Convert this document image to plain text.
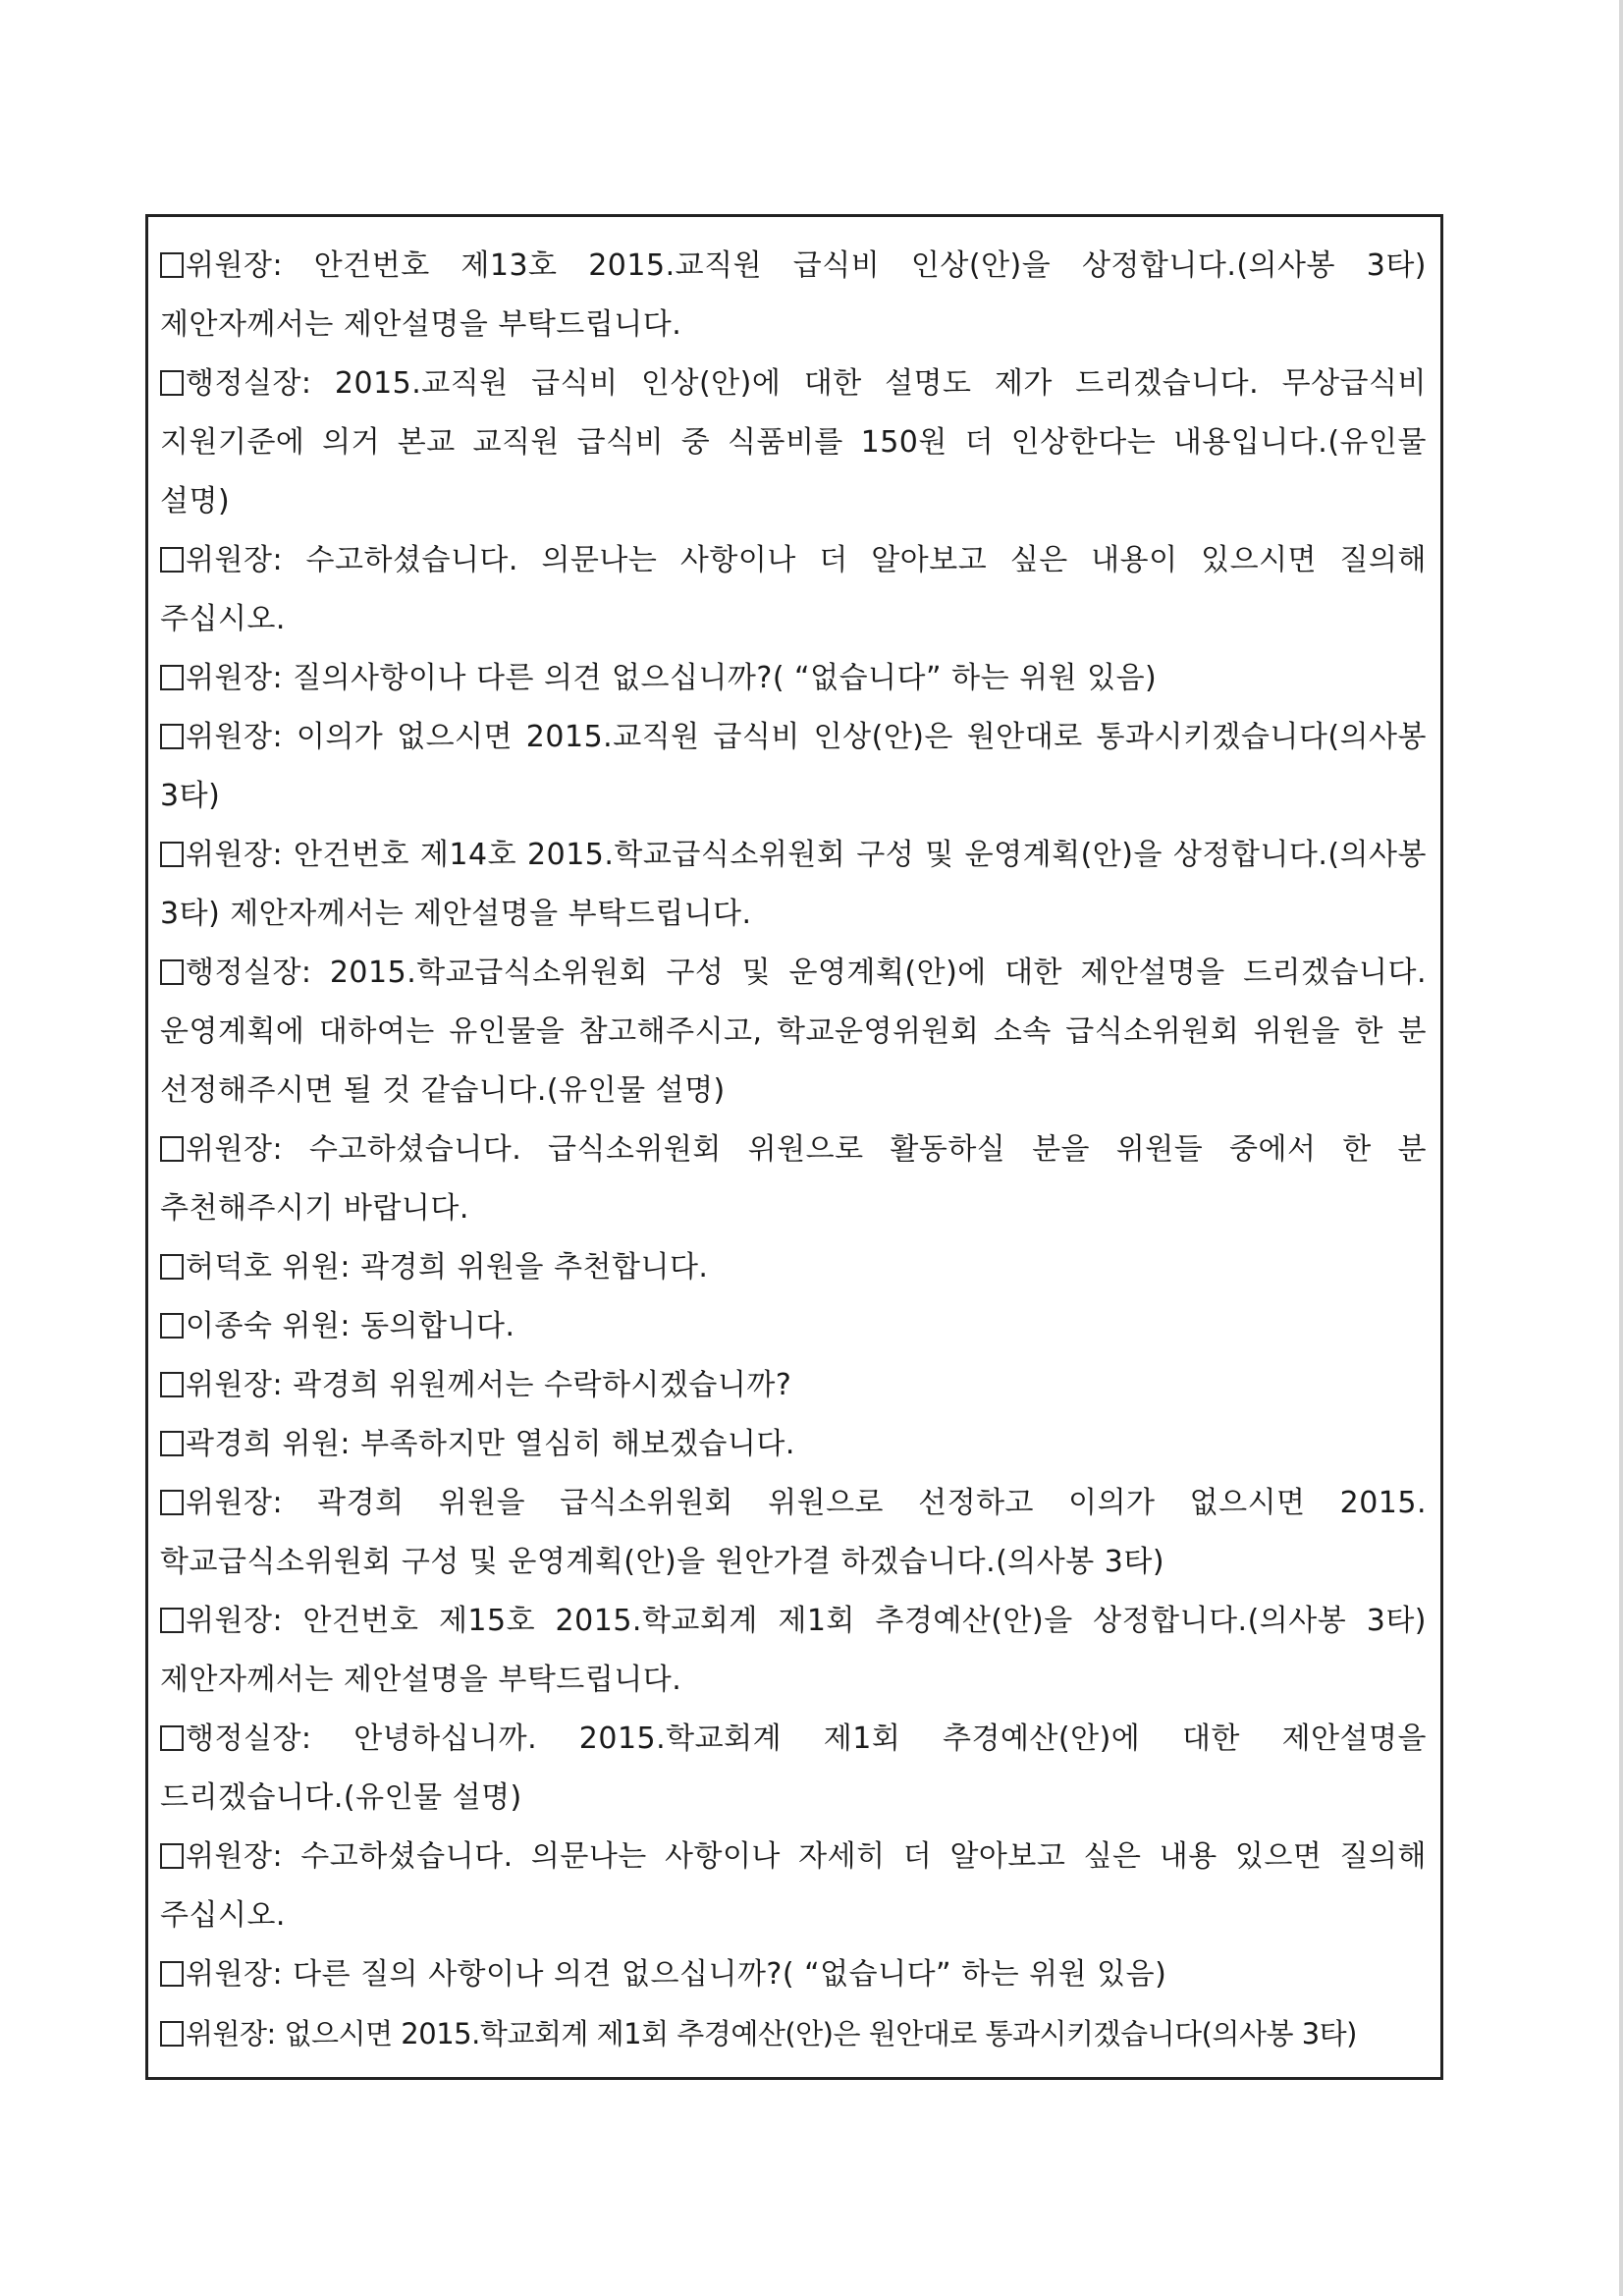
위원장: 안건번호 제13호 2015.교직원 급식비 인상(안)을 상정합니다.(의사봉 3타) 제안자께서는 제안설명을 부탁드립니다.

행정실장: 2015.교직원 급식비 인상(안)에 대한 설명도 제가 드리겠습니다. 무상급식비 지원기준에 의거 본교 교직원 급식비 중 식품비를 150원 더 인상한다는 내용입니다.(유인물 설명)

위원장: 수고하셨습니다. 의문나는 사항이나 더 알아보고 싶은 내용이 있으시면 질의해 주십시오.

위원장: 질의사항이나 다른 의견 없으십니까?( “없습니다” 하는 위원 있음)

위원장: 이의가 없으시면 2015.교직원 급식비 인상(안)은 원안대로 통과시키겠습니다(의사봉 3타)

위원장: 안건번호 제14호 2015.학교급식소위원회 구성 및 운영계획(안)을 상정합니다.(의사봉 3타) 제안자께서는 제안설명을 부탁드립니다.

행정실장: 2015.학교급식소위원회 구성 및 운영계획(안)에 대한 제안설명을 드리겠습니다. 운영계획에 대하여는 유인물을 참고해주시고, 학교운영위원회 소속 급식소위원회 위원을 한 분 선정해주시면 될 것 같습니다.(유인물 설명)

위원장: 수고하셨습니다. 급식소위원회 위원으로 활동하실 분을 위원들 중에서 한 분 추천해주시기 바랍니다.

허덕호 위원: 곽경희 위원을 추천합니다.

이종숙 위원: 동의합니다.

위원장: 곽경희 위원께서는 수락하시겠습니까?

곽경희 위원: 부족하지만 열심히 해보겠습니다.

위원장: 곽경희 위원을 급식소위원회 위원으로 선정하고 이의가 없으시면 2015.학교급식소위원회 구성 및 운영계획(안)을 원안가결 하겠습니다.(의사봉 3타)

위원장: 안건번호 제15호 2015.학교회계 제1회 추경예산(안)을 상정합니다.(의사봉 3타) 제안자께서는 제안설명을 부탁드립니다.

행정실장: 안녕하십니까. 2015.학교회계 제1회 추경예산(안)에 대한 제안설명을 드리겠습니다.(유인물 설명)

위원장: 수고하셨습니다. 의문나는 사항이나 자세히 더 알아보고 싶은 내용 있으면 질의해 주십시오.

위원장: 다른 질의 사항이나 의견 없으십니까?( “없습니다” 하는 위원 있음)

위원장: 없으시면 2015.학교회계 제1회 추경예산(안)은 원안대로 통과시키겠습니다(의사봉 3타)
